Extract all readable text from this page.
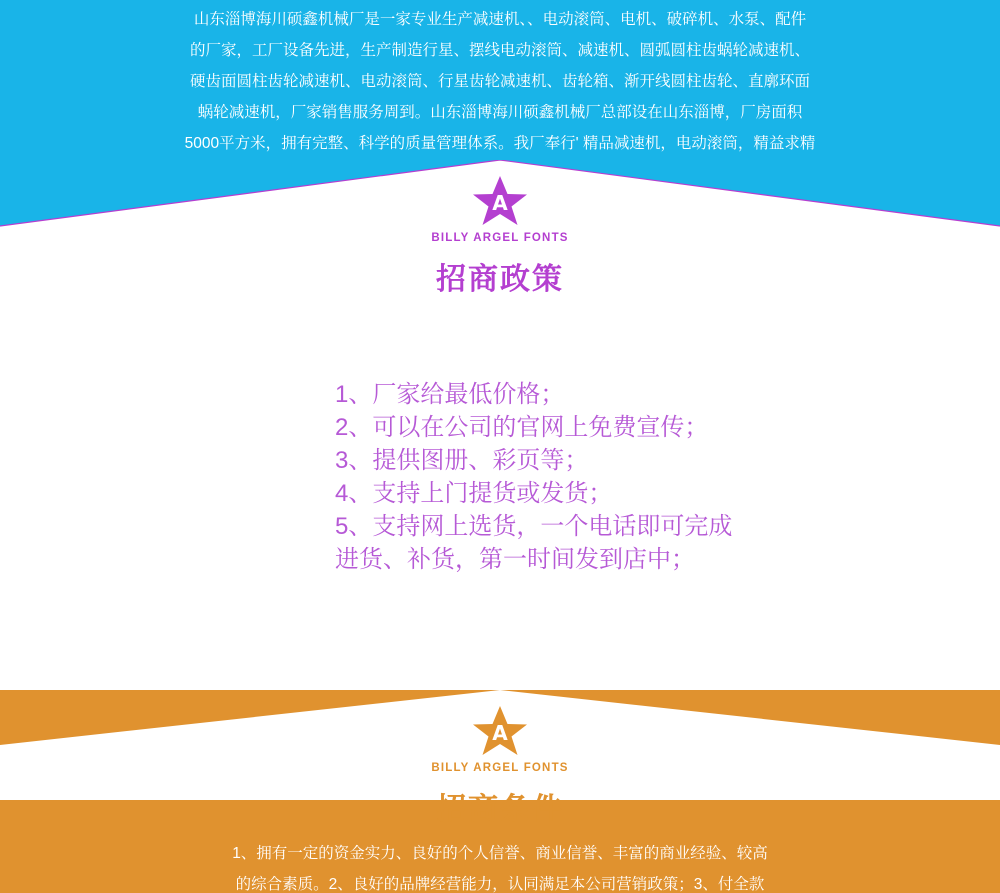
山东淄博海川硕鑫机械厂是一家专业生产减速机、、电动滚筒、电机、破碎机、水泵、配件

的厂家，工厂设备先进，生产制造行星、摆线电动滚筒、减速机、圆弧圆柱齿蜗轮减速机、

硬齿面圆柱齿轮减速机、电动滚筒、行星齿轮减速机、齿轮箱、渐开线圆柱齿轮、直廓环面

蜗轮减速机，厂家销售服务周到。山东淄博海川硕鑫机械厂总部设在山东淄博，厂房面积

5000平方米，拥有完整、科学的质量管理体系。我厂奉行' 精品减速机，电动滚筒，精益求精

A
BILLY ARGEL FONTS
招商政策

1、厂家给最低价格；

2、可以在公司的官网上免费宣传；

3、提供图册、彩页等；

4、支持上门提货或发货；

5、支持网上选货，一个电话即可完成

进货、补货，第一时间发到店中；

A
BILLY ARGEL FONTS
招商条件

1、拥有一定的资金实力、良好的个人信誉、商业信誉、丰富的商业经验、较高

的综合素质。2、良好的品牌经营能力，认同满足本公司营销政策；3、付全款
